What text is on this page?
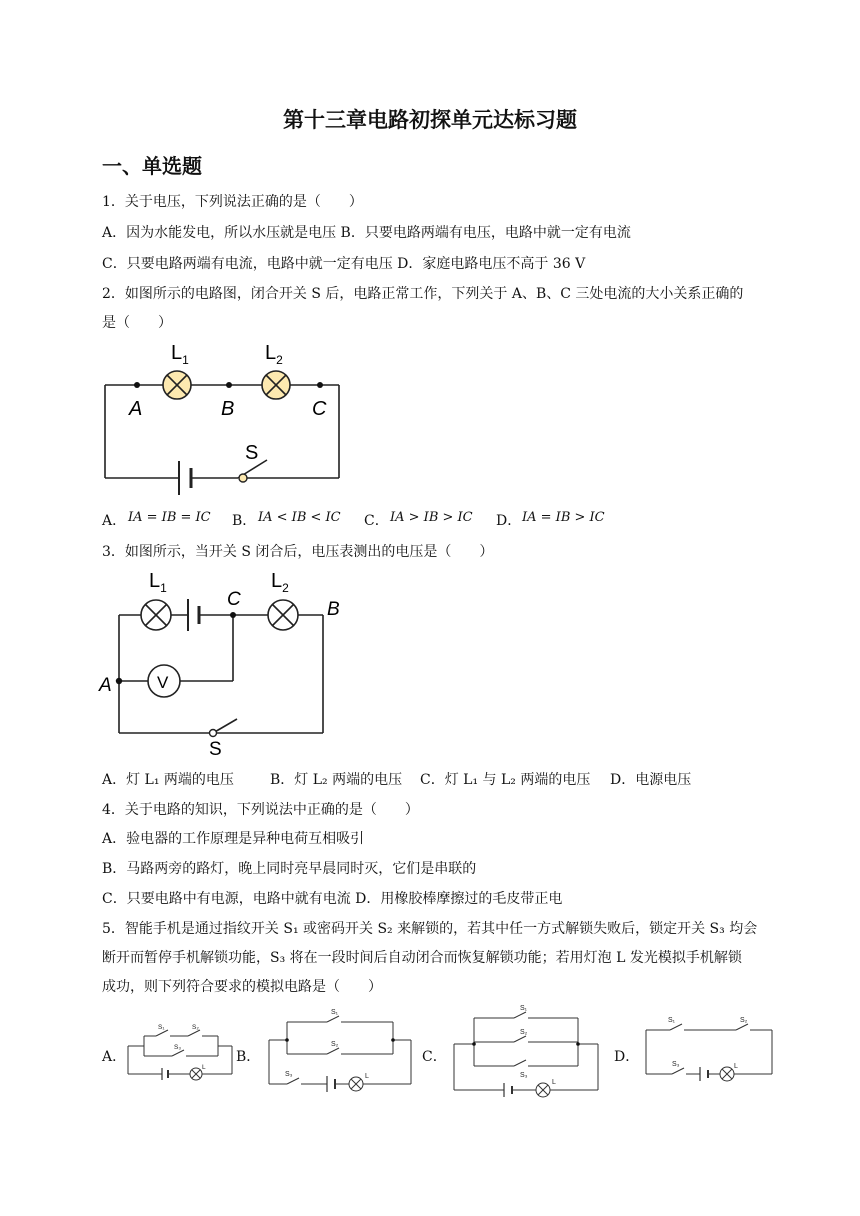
第十三章电路初探单元达标习题
一、单选题
1．关于电压，下列说法正确的是（　　）
A．因为水能发电，所以水压就是电压 B．只要电路两端有电压，电路中就一定有电流
C．只要电路两端有电流，电路中就一定有电压 D．家庭电路电压不高于 36 V
2．如图所示的电路图，闭合开关 S 后，电路正常工作，下列关于 A、B、C 三处电流的大小关系正确的
是（　　）
$L_1$	$L_2$
A	B	C
S
A． IA = IB = IC B． IA < IB < IC C． IA > IB > IC D． IA = IB > IC
3．如图所示，当开关 S 闭合后，电压表测出的电压是（　　）
V
$L_1$	$L_2$
C	B
A
S
A．灯 L₁ 两端的电压	B．灯 L₂ 两端的电压 C．灯 L₁ 与 L₂ 两端的电压 D．电源电压
4．关于电路的知识，下列说法中正确的是（　　）
A．验电器的工作原理是异种电荷互相吸引
B．马路两旁的路灯，晚上同时亮早晨同时灭，它们是串联的
C．只要电路中有电源，电路中就有电流 D．用橡胶棒摩擦过的毛皮带正电
5．智能手机是通过指纹开关 S₁ 或密码开关 S₂ 来解锁的，若其中任一方式解锁失败后，锁定开关 S₃ 均会
断开而暂停手机解锁功能，S₃ 将在一段时间后自动闭合而恢复解锁功能；若用灯泡 L 发光模拟手机解锁
成功，则下列符合要求的模拟电路是（　　）
A．	B．	C．	D．
S₁	S₂
S₃
L
S₁
S₂
S₃	L
S₁
S₂
S₃
L
S₁	S₂
S₃	L
